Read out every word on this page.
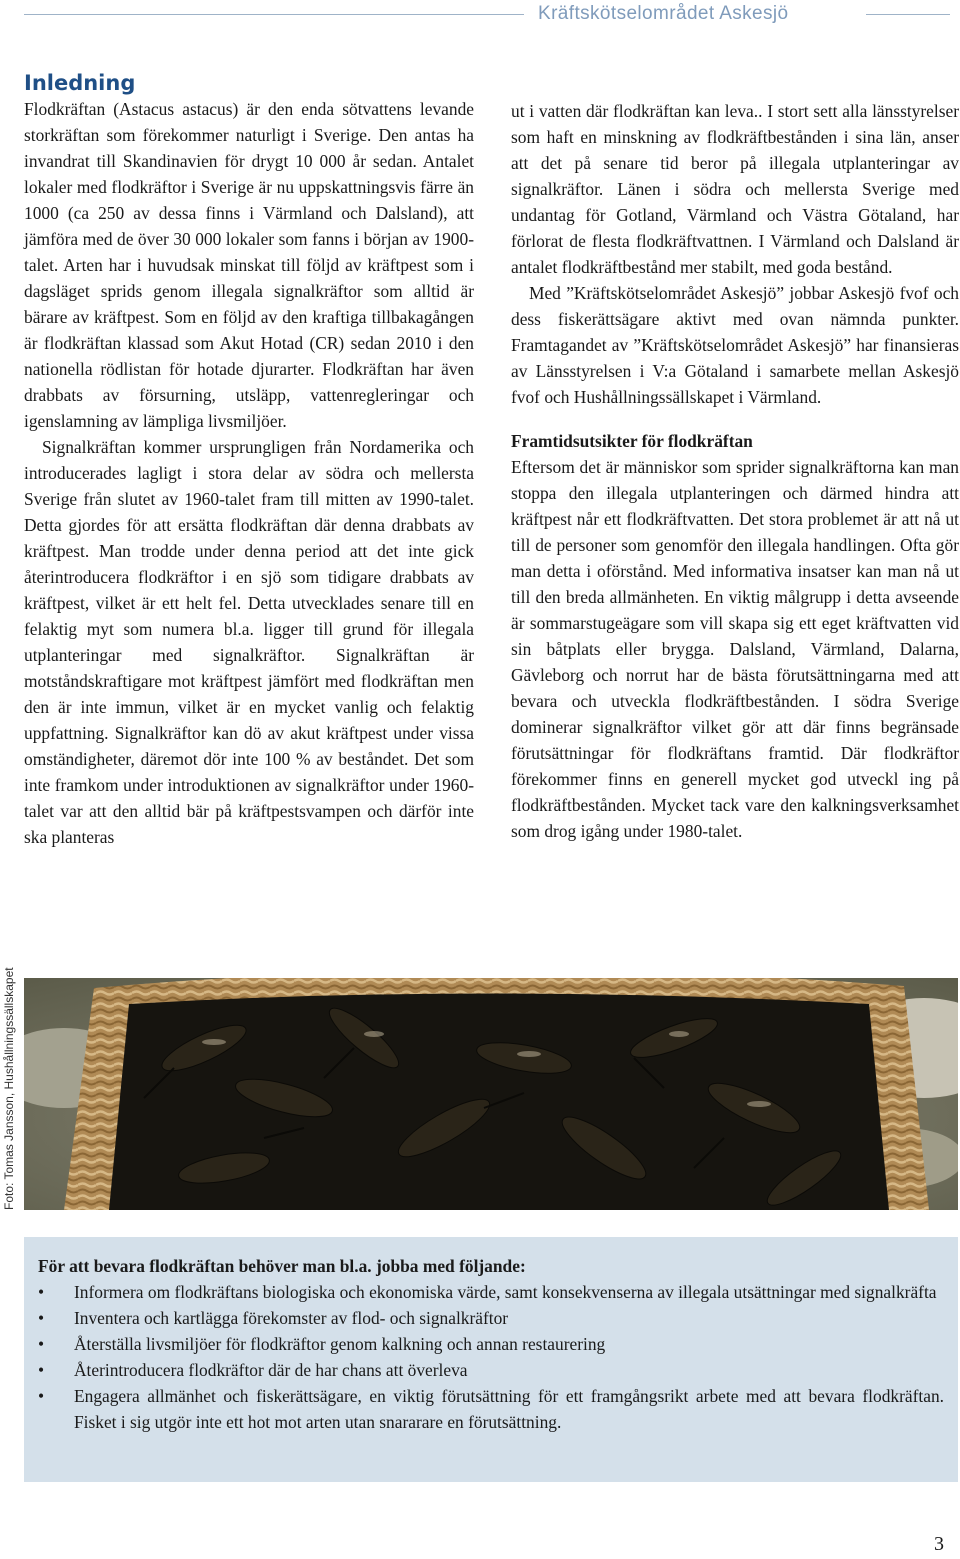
Kräftskötselområdet Askesjö
Inledning

Flodkräftan (Astacus astacus) är den enda sötvattens levande storkräftan som förekommer naturligt i Sverige. Den antas ha invandrat till Skandinavien för drygt 10 000 år sedan. Antalet lokaler med flodkräftor i Sverige är nu uppskattningsvis färre än 1000 (ca 250 av dessa finns i Värmland och Dalsland), att jämföra med de över 30 000 lokaler som fanns i början av 1900-talet. Arten har i huvudsak minskat till följd av kräftpest som i dagsläget sprids genom illegala signalkräftor som alltid är bärare av kräftpest. Som en följd av den kraftiga tillbakagången är flodkräftan klassad som Akut Hotad (CR) sedan 2010 i den nationella rödlistan för hotade djurarter. Flodkräftan har även drabbats av försurning, utsläpp, vattenregleringar och igenslamning av lämpliga livsmiljöer.

Signalkräftan kommer ursprungligen från Nordamerika och introducerades lagligt i stora delar av södra och mellersta Sverige från slutet av 1960-talet fram till mitten av 1990-talet. Detta gjordes för att ersätta flodkräftan där denna drabbats av kräftpest. Man trodde under denna period att det inte gick återintroducera flodkräftor i en sjö som tidigare drabbats av kräftpest, vilket är ett helt fel. Detta utvecklades senare till en felaktig myt som numera bl.a. ligger till grund för illegala utplanteringar med signalkräftor. Signalkräftan är motståndskraftigare mot kräftpest jämfört med flodkräftan men den är inte immun, vilket är en mycket vanlig och felaktig uppfattning. Signalkräftor kan dö av akut kräftpest under vissa omständigheter, däremot dör inte 100 % av beståndet. Det som inte framkom under introduktionen av signalkräftor under 1960-talet var att den alltid bär på kräftpestsvampen och därför inte ska planteras

ut i vatten där flodkräftan kan leva.. I stort sett alla länsstyrelser som haft en minskning av flodkräftbestånden i sina län, anser att det på senare tid beror på illegala utplanteringar av signalkräftor. Länen i södra och mellersta Sverige med undantag för Gotland, Värmland och Västra Götaland, har förlorat de flesta flodkräftvattnen. I Värmland och Dalsland är antalet flodkräftbestånd mer stabilt, med goda bestånd.

Med ”Kräftskötselområdet Askesjö” jobbar Askesjö fvof och dess fiskerättsägare aktivt med ovan nämnda punkter. Framtagandet av ”Kräftskötselområdet Askesjö” har finansieras av Länsstyrelsen i V:a Götaland i samarbete mellan Askesjö fvof och Hushållningssällskapet i Värmland.

Framtidsutsikter för flodkräftan

Eftersom det är människor som sprider signalkräftorna kan man stoppa den illegala utplanteringen och därmed hindra att kräftpest når ett flodkräftvatten. Det stora problemet är att nå ut till de personer som genomför den illegala handlingen. Ofta gör man detta i oförstånd. Med informativa insatser kan man nå ut till den breda allmänheten. En viktig målgrupp i detta avseende är sommarstugeägare som vill skapa sig ett eget kräftvatten vid sin båtplats eller brygga. Dalsland, Värmland, Dalarna, Gävleborg och norrut har de bästa förutsättningarna med att bevara och utveckla flodkräftbestånden. I södra Sverige dominerar signalkräftor vilket gör att där finns begränsade förutsättningar för flodkräftans framtid. Där flodkräftor förekommer finns en generell mycket god utveckl ing på flodkräftbestånden. Mycket tack vare den kalkningsverksamhet som drog igång under 1980-talet.

Foto: Tomas Jansson, Hushållningssällskapet

För att bevara flodkräftan behöver man bl.a. jobba med följande:

• Informera om flodkräftans biologiska och ekonomiska värde, samt konsekvenserna av illegala utsättningar med signalkräfta
• Inventera och kartlägga förekomster av flod- och signalkräftor
• Återställa livsmiljöer för flodkräftor genom kalkning och annan restaurering
• Återintroducera flodkräftor där de har chans att överleva
• Engagera allmänhet och fiskerättsägare, en viktig förutsättning för ett framgångsrikt arbete med att bevara flodkräftan. Fisket i sig utgör inte ett hot mot arten utan snararare en förutsättning.
3
